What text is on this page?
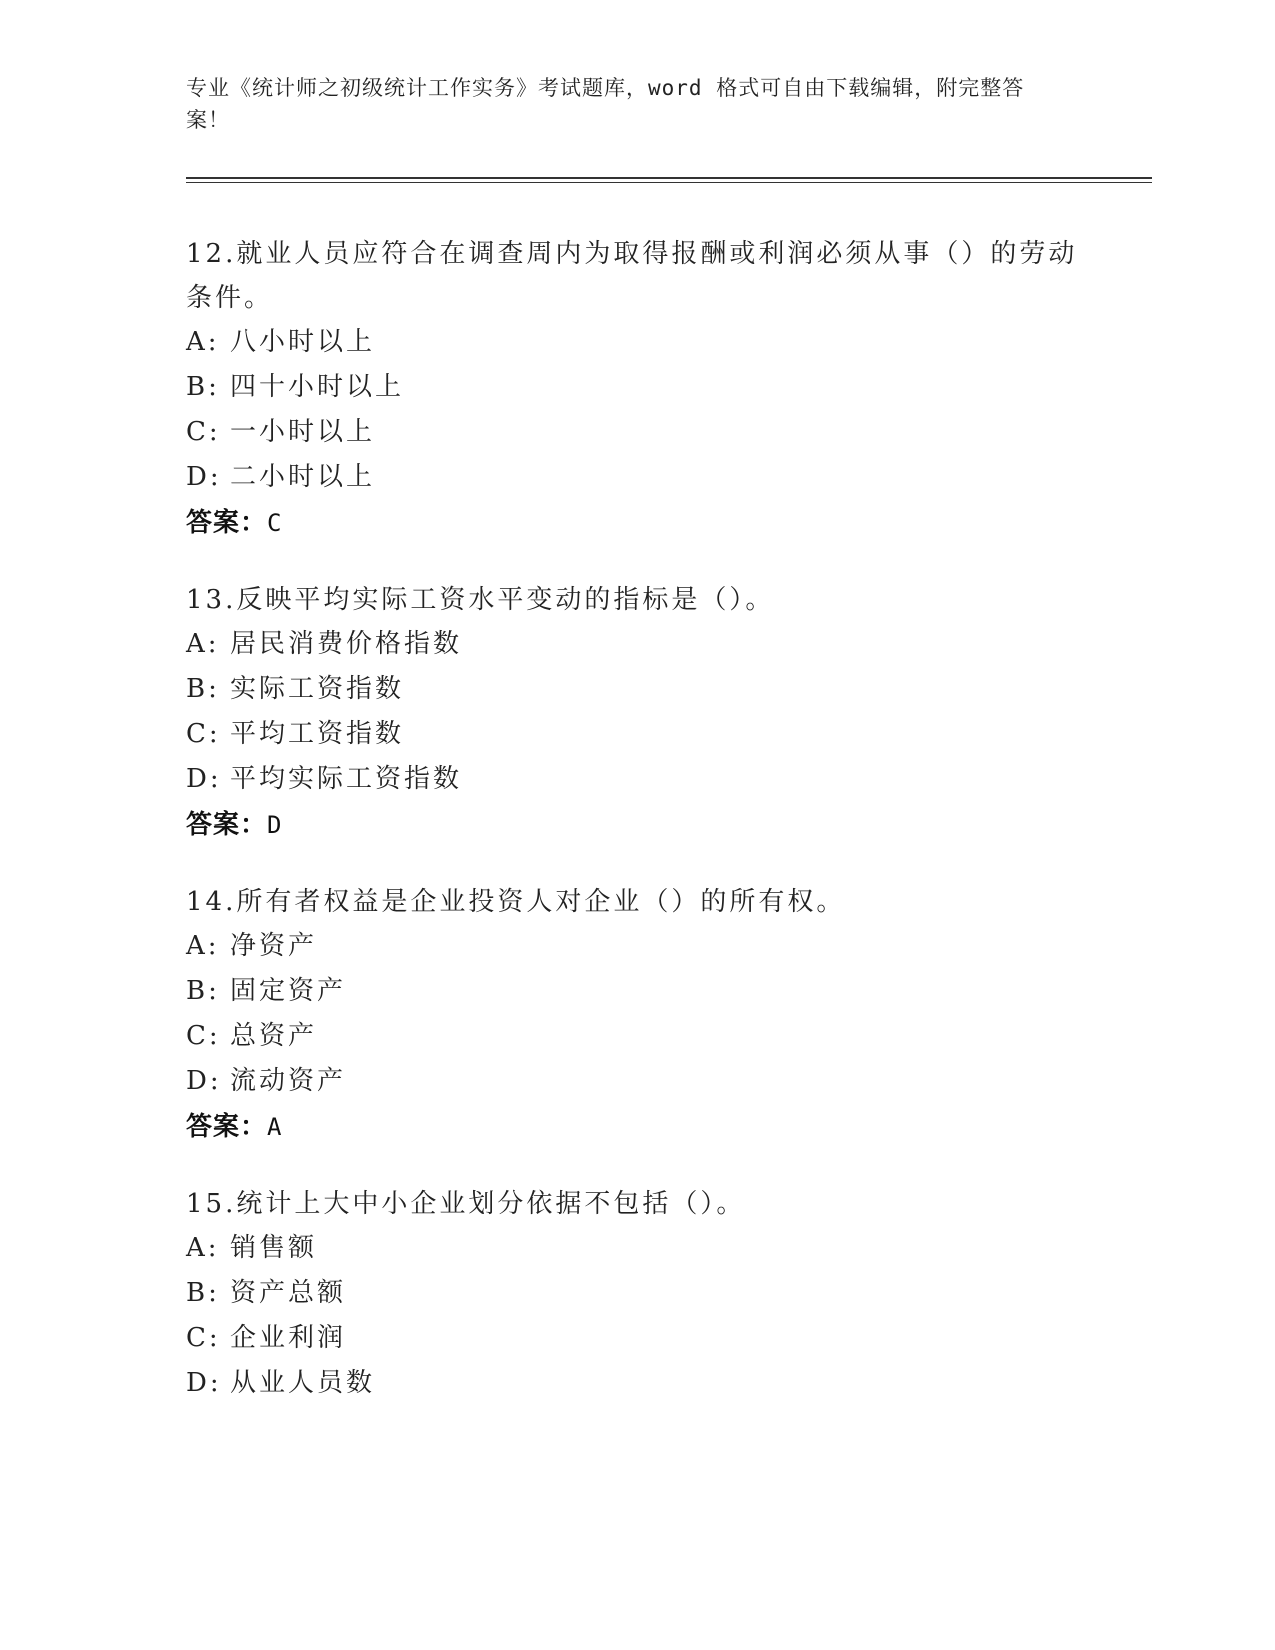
专业《统计师之初级统计工作实务》考试题库，word 格式可自由下载编辑，附完整答案！

12.就业人员应符合在调查周内为取得报酬或利润必须从事（）的劳动条件。

A: 八小时以上

B: 四十小时以上

C: 一小时以上

D: 二小时以上

答案：C

13.反映平均实际工资水平变动的指标是（）。

A: 居民消费价格指数

B: 实际工资指数

C: 平均工资指数

D: 平均实际工资指数

答案：D

14.所有者权益是企业投资人对企业（）的所有权。

A: 净资产

B: 固定资产

C: 总资产

D: 流动资产

答案：A

15.统计上大中小企业划分依据不包括（）。

A: 销售额

B: 资产总额

C: 企业利润

D: 从业人员数
